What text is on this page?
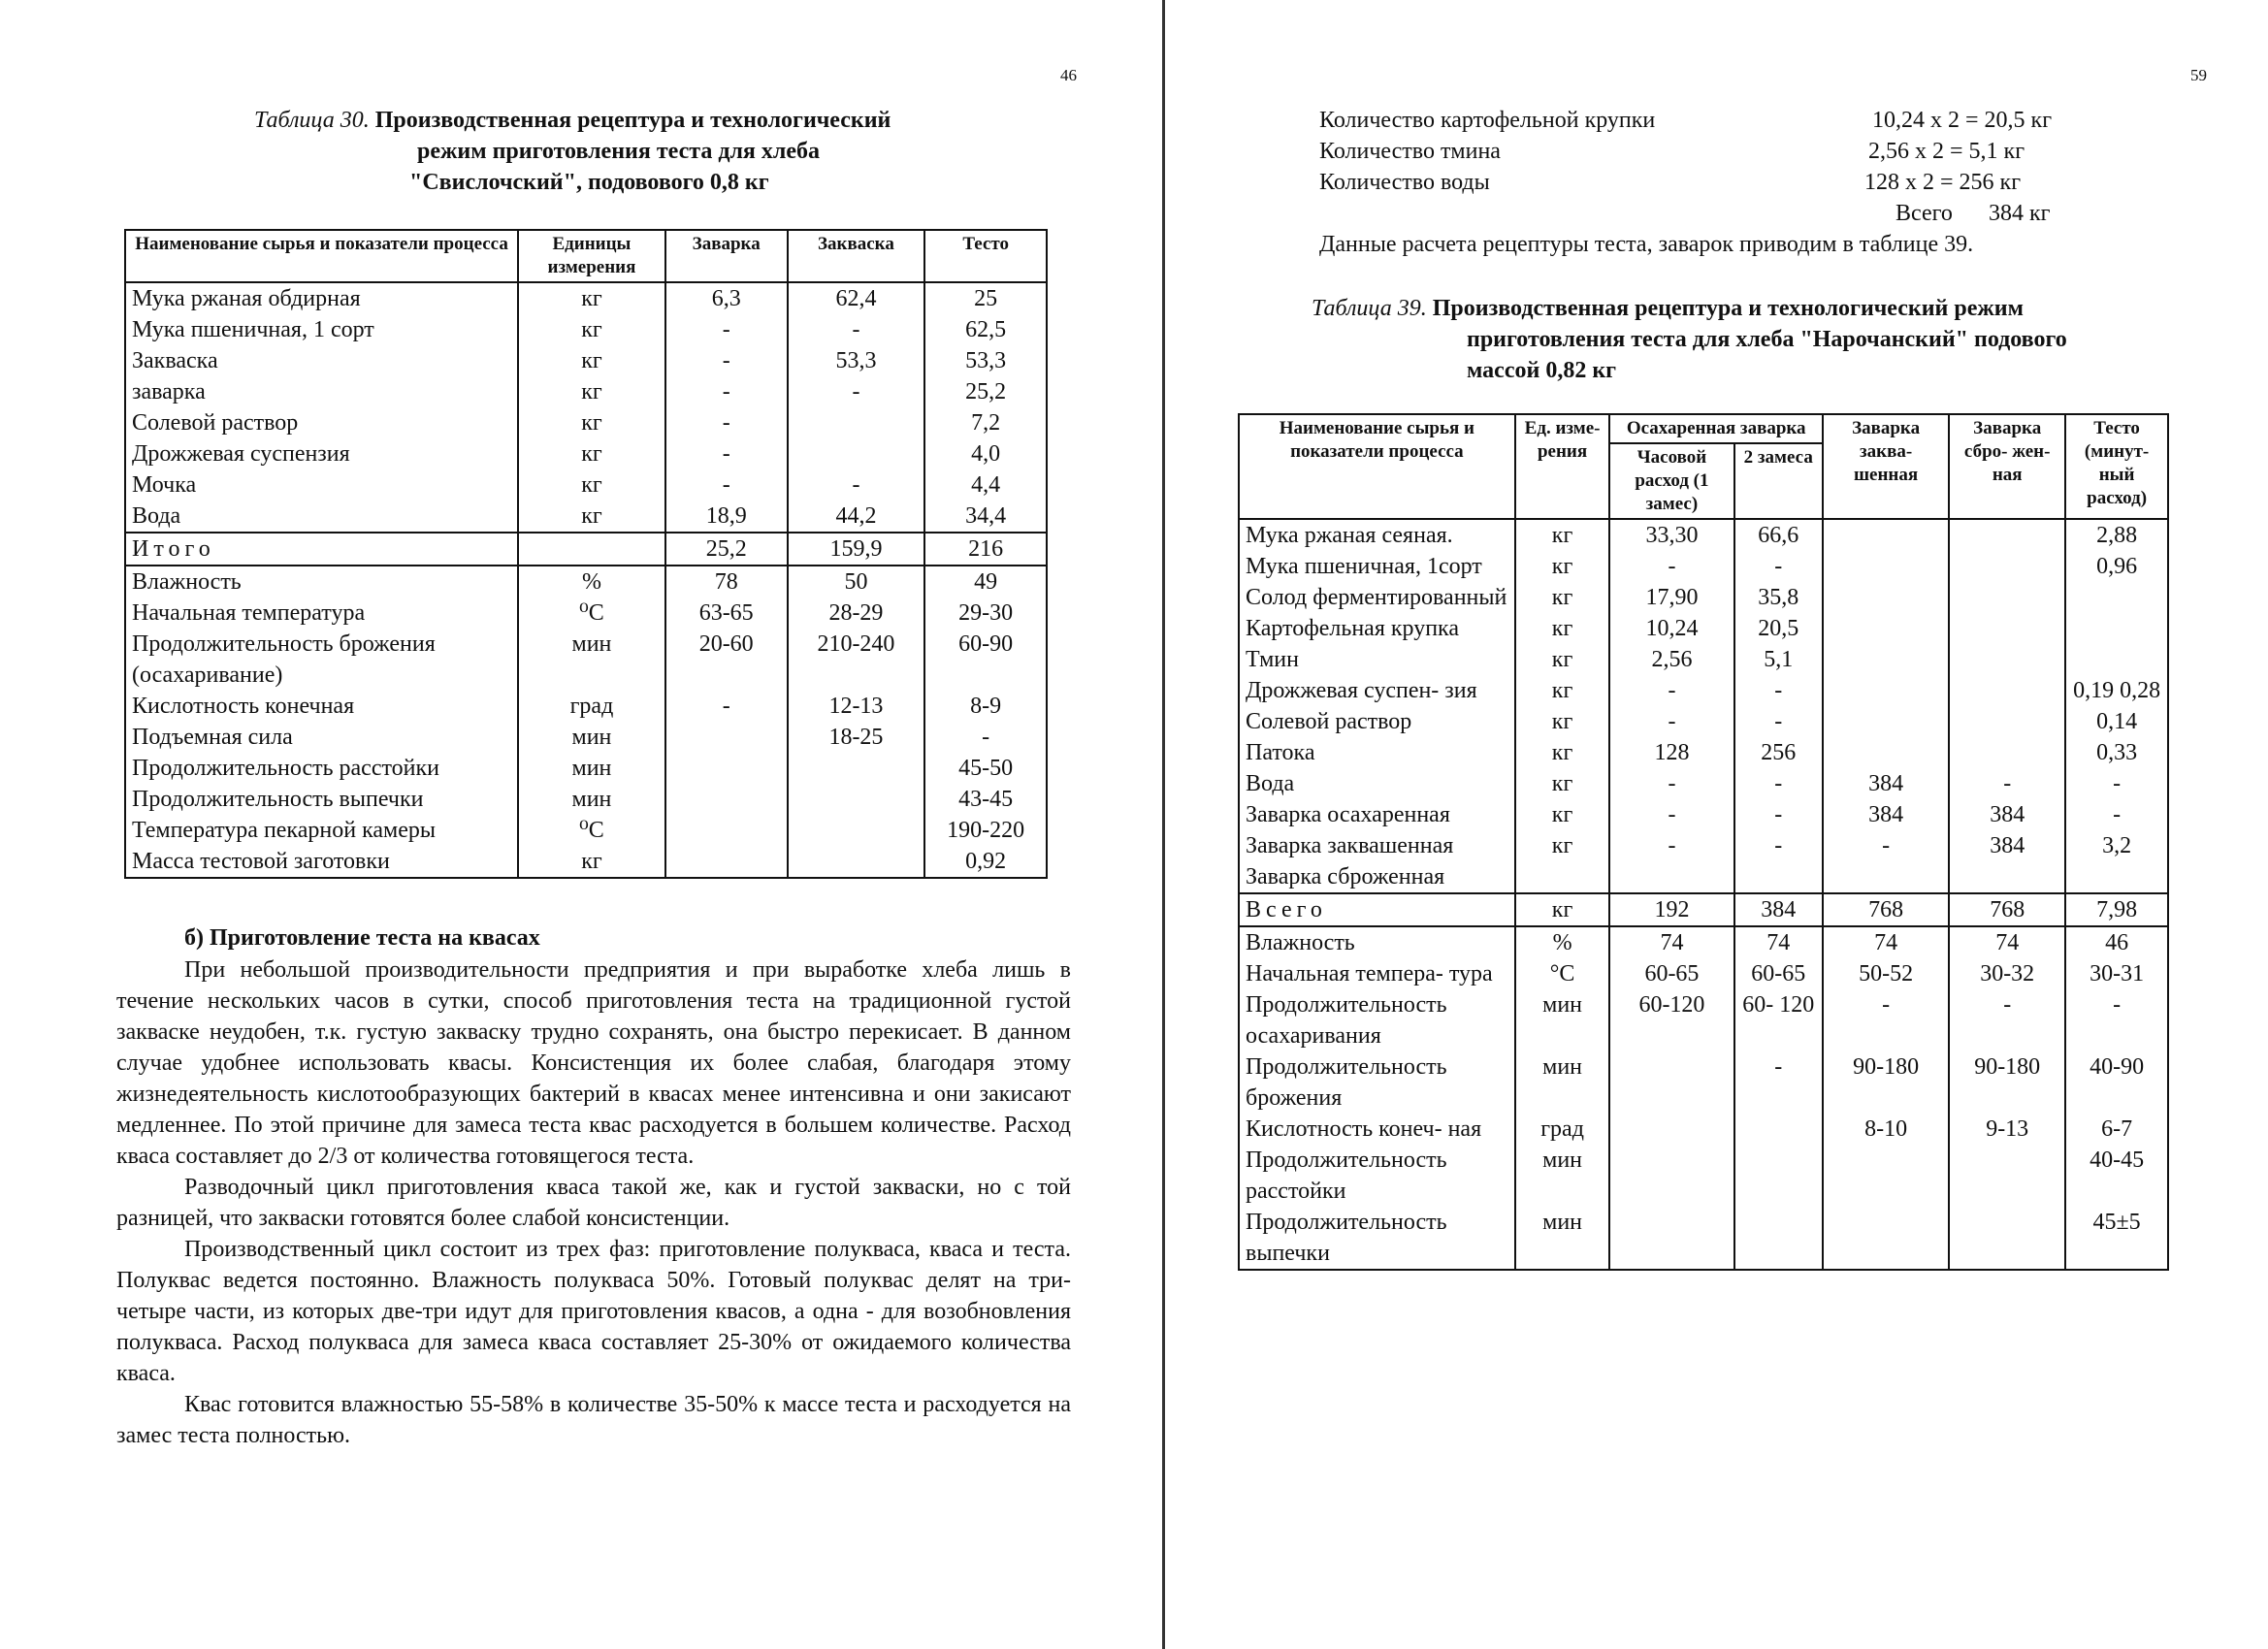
46
Таблица 30. Производственная рецептура и технологический
режим приготовления теста для хлеба
"Свислочский", подовового 0,8 кг
Наименование сырья и показатели процесса	Единицы измерения	Заварка	Закваска	Тесто
Мука ржаная обдирная	кг	6,3	62,4	25
Мука пшеничная, 1 сорт	кг	-	-	62,5
Закваска	кг	-	53,3	53,3
заварка	кг	-	-	25,2
Солевой раствор	кг	-		7,2
Дрожжевая суспензия	кг	-		4,0
Мочка	кг	-	-	4,4
Вода	кг	18,9	44,2	34,4
Итого		25,2	159,9	216
Влажность	%	78	50	49
Начальная температура	⁰С	63-65	28-29	29-30
Продолжительность брожения (осахаривание)	мин	20-60	210-240	60-90
Кислотность конечная	град	-	12-13	8-9
Подъемная сила	мин		18-25	-
Продолжительность расстойки	мин			45-50
Продолжительность выпечки	мин			43-45
Температура пекарной камеры	⁰С			190-220
Масса тестовой заготовки	кг			0,92
б) Приготовление теста на квасах

При небольшой производительности предприятия и при выработке хлеба лишь в течение нескольких часов в сутки, способ приготовления теста на традиционной густой закваске неудобен, т.к. густую закваску трудно сохранять, она быстро перекисает. В данном случае удобнее использовать квасы. Консистенция их более слабая, благодаря этому жизнедеятельность кислотообразующих бактерий в квасах менее интенсивна и они закисают медленнее. По этой причине для замеса теста квас расходуется в большем количестве. Расход кваса составляет до 2/3 от количества готовящегося теста.

Разводочный цикл приготовления кваса такой же, как и густой закваски, но с той разницей, что закваски готовятся более слабой консистенции.

Производственный цикл состоит из трех фаз: приготовление полукваса, кваса и теста. Полуквас ведется постоянно. Влажность полукваса 50%. Готовый полуквас делят на три-четыре части, из которых две-три идут для приготовления квасов, а одна - для возобновления полукваса. Расход полукваса для замеса кваса составляет 25-30% от ожидаемого количества кваса.

Квас готовится влажностью 55-58% в количестве 35-50% к массе теста и расходуется на замес теста полностью.

59
Количество картофельной крупки	10,24 х 2 = 20,5 кг
Количество тмина	2,56 х 2 = 5,1 кг
Количество воды	128 х 2 = 256 кг
Всего 384 кг
Данные расчета рецептуры теста, заварок приводим в таблице 39.
Таблица 39. Производственная рецептура и технологический режим
приготовления теста для хлеба "Нарочанский" подового
массой 0,82 кг
Наименование сырья и показатели процесса	Ед. изме- рения	Осахаренная заварка		Заварка заква- шенная	Заварка сбро- жен- ная	Тесто (минут- ный расход)
		Часовой расход (1 замес)	2 замеса			
Мука ржаная сеяная.	кг	33,30	66,6			2,88
Мука пшеничная, 1сорт	кг	-	-			0,96
Солод ферментированный	кг	17,90	35,8			
Картофельная крупка	кг	10,24	20,5			
Тмин	кг	2,56	5,1			
Дрожжевая суспен- зия	кг	-	-			0,19 0,28
Солевой раствор	кг	-	-			0,14
Патока	кг	128	256			0,33
Вода	кг	-	-	384	-	-
Заварка осахаренная	кг	-	-	384	384	-
Заварка заквашенная Заварка сброженная	кг	-	-	-	384	3,2
Всего	кг	192	384	768	768	7,98
Влажность	%	74	74	74	74	46
Начальная темпера- тура	°С	60-65	60-65	50-52	30-32	30-31
Продолжительность осахаривания	мин	60-120	60- 120	-	-	-
Продолжительность брожения	мин		-	90-180	90-180	40-90
Кислотность конеч- ная	град			8-10	9-13	6-7
Продолжительность расстойки	мин					40-45
Продолжительность выпечки	мин					45±5
